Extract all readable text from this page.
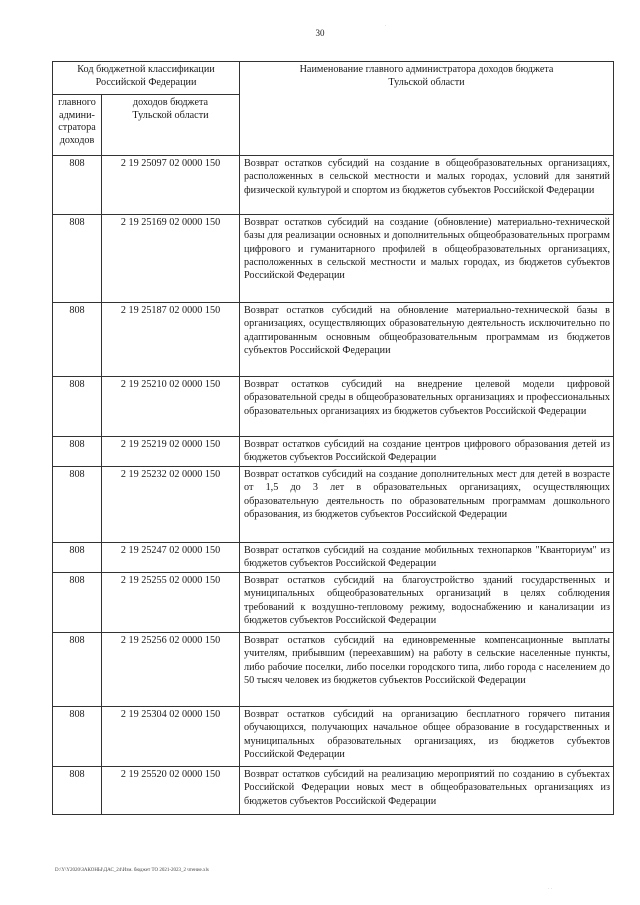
30
.
Код бюджетной классификации Российской Федерации		Наименование главного администратора доходов бюджета Тульской области
главного админи-стратора доходов	доходов бюджета Тульской области	
808	2 19 25097 02 0000 150	Возврат остатков субсидий на создание в общеобразовательных организациях, расположенных в сельской местности и малых городах, условий для занятий физической культурой и спортом из бюджетов субъектов Российской Федерации
808	2 19 25169 02 0000 150	Возврат остатков субсидий на создание (обновление) материально-технической базы для реализации основных и дополнительных общеобразовательных программ цифрового и гуманитарного профилей в общеобразовательных организациях, расположенных в сельской местности и малых городах, из бюджетов субъектов Российской Федерации
808	2 19 25187 02 0000 150	Возврат остатков субсидий на обновление материально-технической базы в организациях, осуществляющих образовательную деятельность исключительно по адаптированным основным общеобразовательным программам из бюджетов субъектов Российской Федерации
808	2 19 25210 02 0000 150	Возврат остатков субсидий на внедрение целевой модели цифровой образовательной среды в общеобразовательных организациях и профессиональных образовательных организациях из бюджетов субъектов Российской Федерации
808	2 19 25219 02 0000 150	Возврат остатков субсидий на создание центров цифрового образования детей из бюджетов субъектов Российской Федерации
808	2 19 25232 02 0000 150	Возврат остатков субсидий на создание дополнительных мест для детей в возрасте от 1,5 до 3 лет в образовательных организациях, осуществляющих образовательную деятельность по образовательным программам дошкольного образования, из бюджетов субъектов Российской Федерации
808	2 19 25247 02 0000 150	Возврат остатков субсидий на создание мобильных технопарков "Кванториум" из бюджетов субъектов Российской Федерации
808	2 19 25255 02 0000 150	Возврат остатков субсидий на благоустройство зданий государственных и муниципальных общеобразовательных организаций в целях соблюдения требований к воздушно-тепловому режиму, водоснабжению и канализации из бюджетов субъектов Российской Федерации
808	2 19 25256 02 0000 150	Возврат остатков субсидий на единовременные компенсационные выплаты учителям, прибывшим (переехавшим) на работу в сельские населенные пункты, либо рабочие поселки, либо поселки городского типа, либо города с населением до 50 тысяч человек из бюджетов субъектов Российской Федерации
808	2 19 25304 02 0000 150	Возврат остатков субсидий на организацию бесплатного горячего питания обучающихся, получающих начальное общее образование в государственных и муниципальных образовательных организациях, из бюджетов субъектов Российской Федерации
808	2 19 25520 02 0000 150	Возврат остатков субсидий на реализацию мероприятий по созданию в субъектах Российской Федерации новых мест в общеобразовательных организациях из бюджетов субъектов Российской Федерации
D:\Y\Y2020\ЗАКОНЫ\ДАС_24\Изм. бюджет ТО 2021-2023_2 чтение.xls
. .
